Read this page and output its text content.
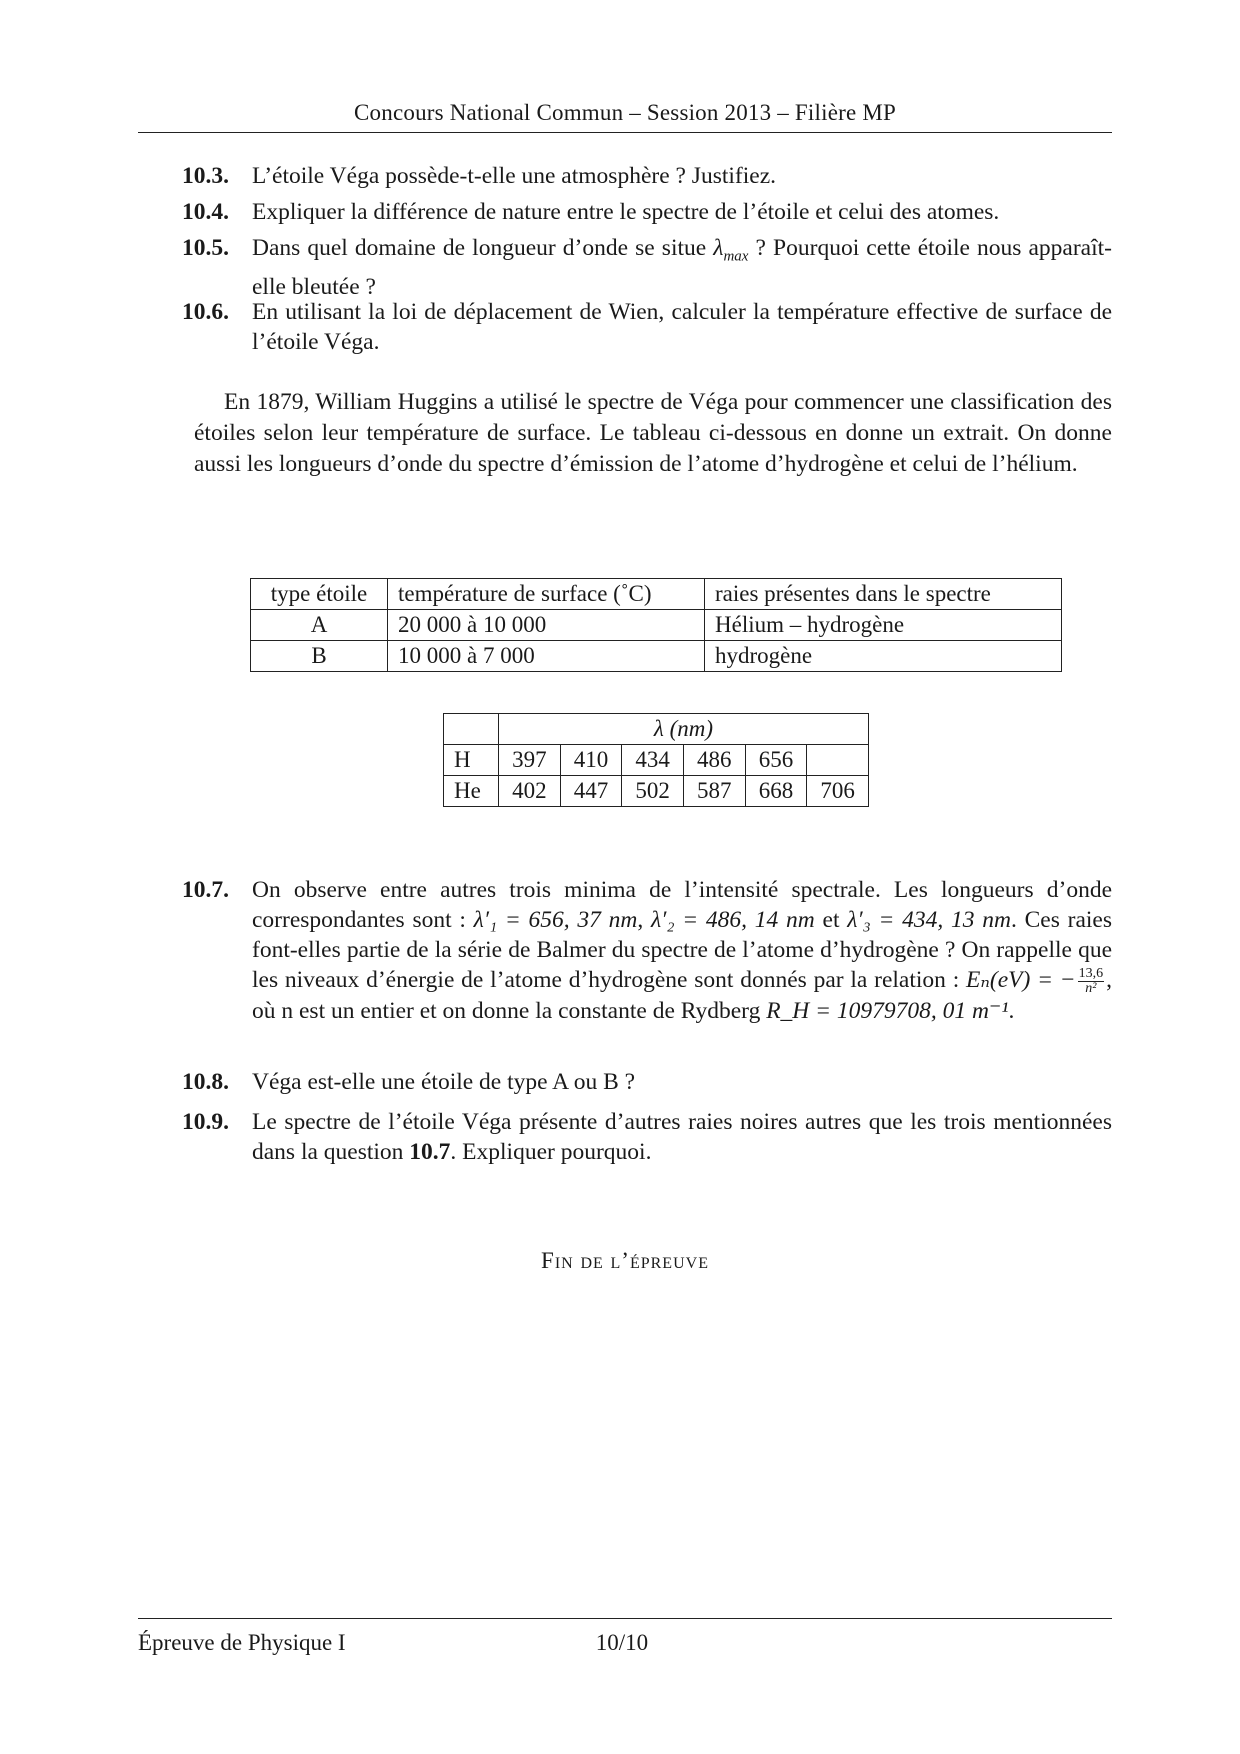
Concours National Commun – Session 2013 – Filière MP
10.3. L’étoile Véga possède-t-elle une atmosphère ? Justifiez.
10.4. Expliquer la différence de nature entre le spectre de l’étoile et celui des atomes.
10.5. Dans quel domaine de longueur d’onde se situe $\lambda_{max}$ ? Pourquoi cette étoile nous apparaît-elle bleutée ?
10.6. En utilisant la loi de déplacement de Wien, calculer la température effective de surface de l’étoile Véga.
En 1879, William Huggins a utilisé le spectre de Véga pour commencer une classification des étoiles selon leur température de surface. Le tableau ci-dessous en donne un extrait. On donne aussi les longueurs d’onde du spectre d’émission de l’atome d’hydrogène et celui de l’hélium.
type étoile	température de surface (˚C)	raies présentes dans le spectre
A	20 000 à 10 000	Hélium – hydrogène
B	10 000 à 7 000	hydrogène
	λ (nm)					
H	397	410	434	486	656	
He	402	447	502	587	668	706
10.7. On observe entre autres trois minima de l’intensité spectrale. Les longueurs d’onde correspondantes sont : λ′₁ = 656, 37 nm, λ′₂ = 486, 14 nm et λ′₃ = 434, 13 nm. Ces raies font-elles partie de la série de Balmer du spectre de l’atome d’hydrogène ? On rappelle que les niveaux d’énergie de l’atome d’hydrogène sont donnés par la relation : Eₙ(eV) = − $\frac{13,6}{\text{n²}}$ , où n est un entier et on donne la constante de Rydberg R_H = 10979708, 01 m⁻¹.
10.8. Véga est-elle une étoile de type A ou B ?
10.9. Le spectre de l’étoile Véga présente d’autres raies noires autres que les trois mentionnées dans la question 10.7. Expliquer pourquoi.
Fin de l’épreuve
Épreuve de Physique I	10/10
